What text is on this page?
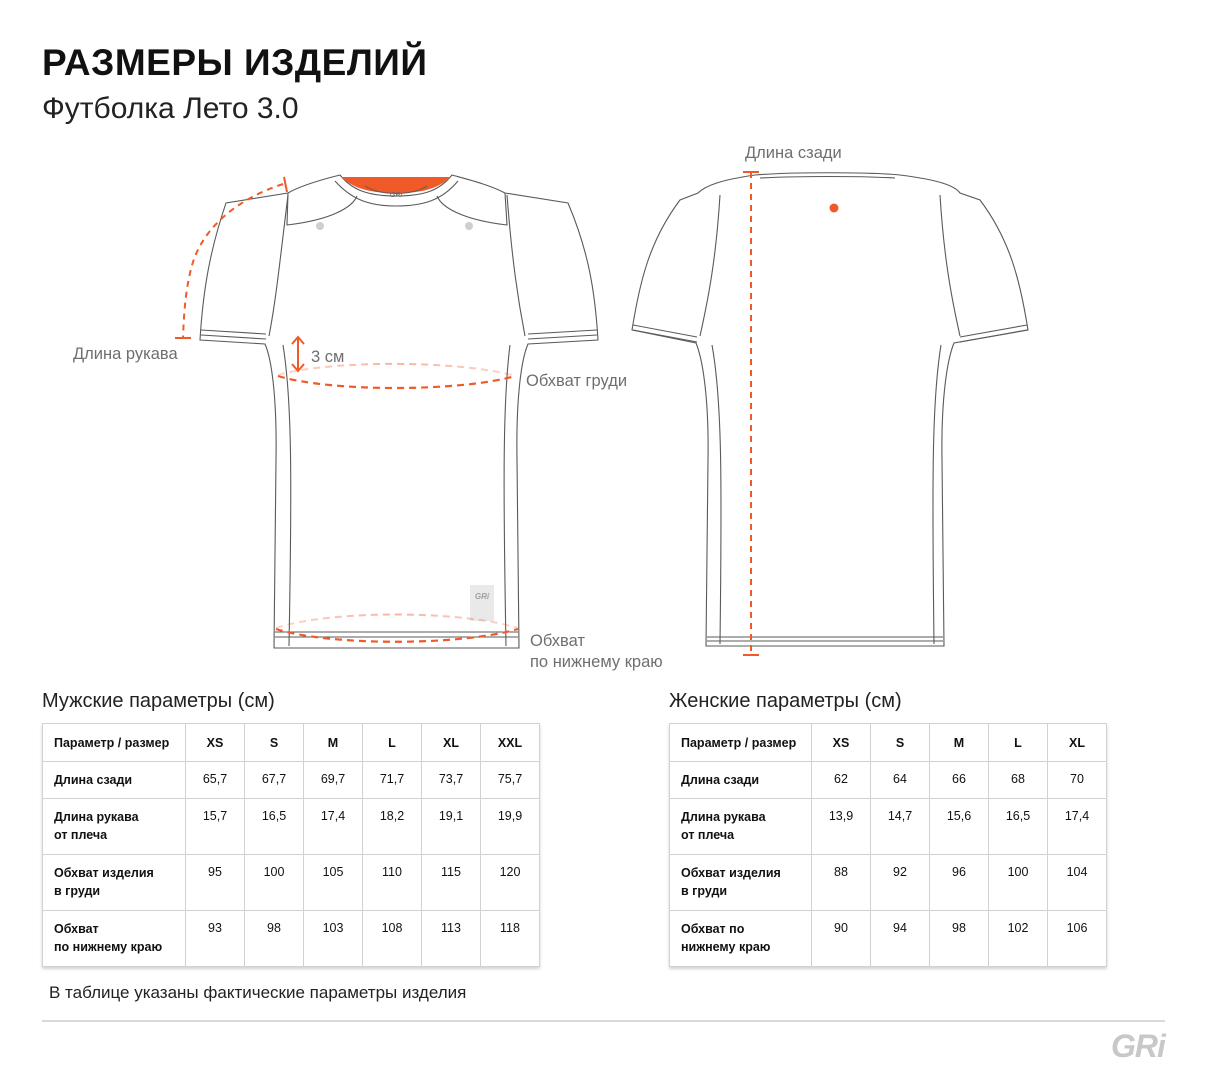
РАЗМЕРЫ ИЗДЕЛИЙ
Футболка Лето 3.0
GRi
GRi
Длина сзади
Длина рукава	3 см
Обхват груди
Обхват
по нижнему краю
Мужские параметры (см)
Параметр / размер	XS	S	M	L	XL	XXL

Длина сзади	65,7	67,7	69,7	71,7	73,7	75,7

Длина рукава
от плеча	15,7	16,5	17,4	18,2	19,1	19,9

Обхват изделия
в груди	95	100	105	110	115	120

Обхват
по нижнему краю	93	98	103	108	113	118
Женские параметры (см)
Параметр / размер	XS	S	M	L	XL

Длина сзади	62	64	66	68	70

Длина рукава
от плеча	13,9	14,7	15,6	16,5	17,4

Обхват изделия
в груди	88	92	96	100	104

Обхват по
нижнему краю	90	94	98	102	106
В таблице указаны фактические параметры изделия
GRi
